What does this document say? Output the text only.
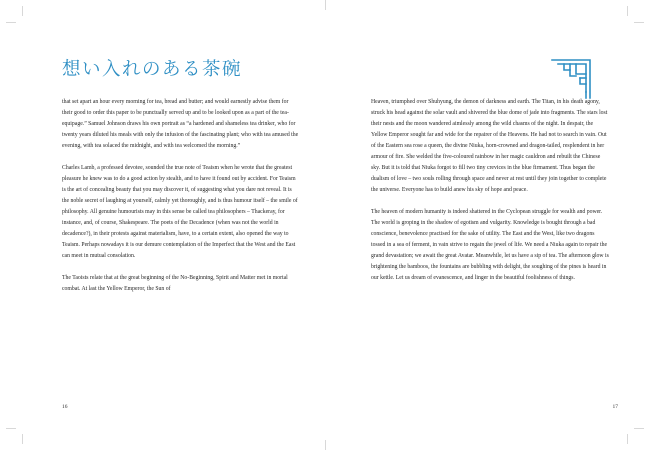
想い入れのある茶碗

that set apart an hour every morning for tea, bread and butter; and would earnestly advise them for their good to order this paper to be punctually served up and to be looked upon as a part of the tea-equipage.” Samuel Johnson draws his own portrait as “a hardened and shameless tea drinker, who for twenty years diluted his meals with only the infusion of the fascinating plant; who with tea amused the evening, with tea solaced the midnight, and with tea welcomed the morning.”

Charles Lamb, a professed devotee, sounded the true note of Teaism when he wrote that the greatest pleasure he knew was to do a good action by stealth, and to have it found out by accident. For Teaism is the art of concealing beauty that you may discover it, of suggesting what you dare not reveal. It is the noble secret of laughing at yourself, calmly yet thoroughly, and is thus humour itself – the smile of philosophy. All genuine humourists may in this sense be called tea philosophers – Thackeray, for instance, and, of course, Shakespeare. The poets of the Decadence (when was not the world in decadence?), in their protests against materialism, have, to a certain extent, also opened the way to Teaism. Perhaps nowadays it is our demure contemplation of the Imperfect that the West and the East can meet in mutual consolation.

The Taoists relate that at the great beginning of the No-Beginning, Spirit and Matter met in mortal combat. At last the Yellow Emperor, the Sun of

16

Heaven, triumphed over Shuhyung, the demon of darkness and earth. The Titan, in his death agony, struck his head against the solar vault and shivered the blue dome of jade into fragments. The stars lost their nests and the moon wandered aimlessly among the wild chasms of the night. In despair, the Yellow Emperor sought far and wide for the repairer of the Heavens. He had not to search in vain. Out of the Eastern sea rose a queen, the divine Niuka, horn-crowned and dragon-tailed, resplendent in her armour of fire. She welded the five-coloured rainbow in her magic cauldron and rebuilt the Chinese sky. But it is told that Niuka forgot to fill two tiny crevices in the blue firmament. Thus began the dualism of love – two souls rolling through space and never at rest until they join together to complete the universe. Everyone has to build anew his sky of hope and peace.

The heaven of modern humanity is indeed shattered in the Cyclopean struggle for wealth and power. The world is groping in the shadow of egotism and vulgarity. Knowledge is bought through a bad conscience, benevolence practised for the sake of utility. The East and the West, like two dragons tossed in a sea of ferment, in vain strive to regain the jewel of life. We need a Niuka again to repair the grand devastation; we await the great Avatar. Meanwhile, let us have a sip of tea. The afternoon glow is brightening the bamboos, the fountains are bubbling with delight, the soughing of the pines is heard in our kettle. Let us dream of evanescence, and linger in the beautiful foolishness of things.

17
